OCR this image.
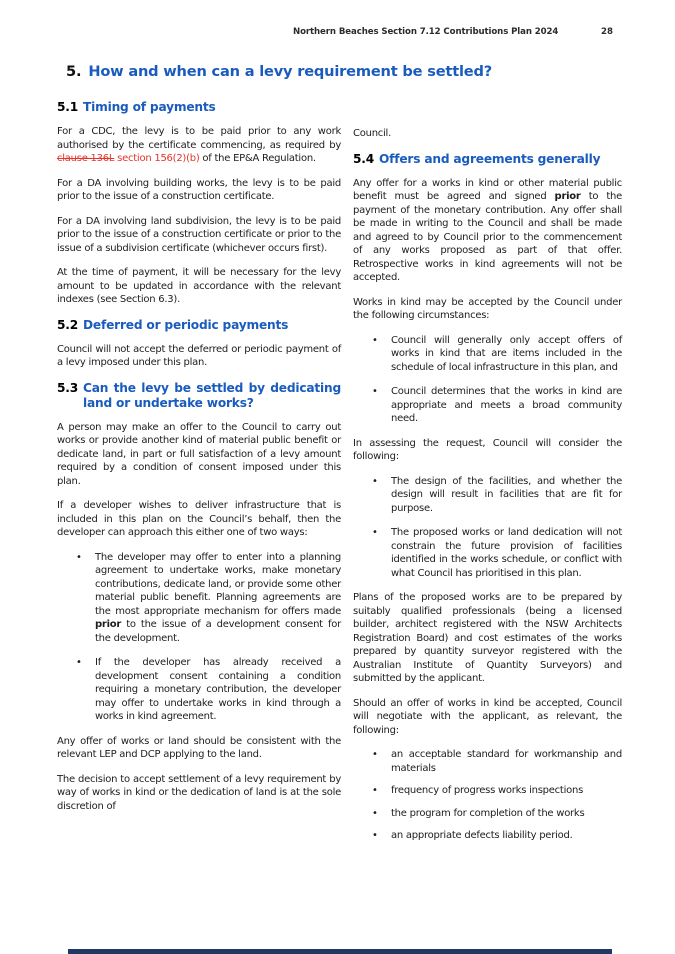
Northern Beaches Section 7.12 Contributions Plan 2024	28
5. How and when can a levy requirement be settled?
5.1 Timing of payments

For a CDC, the levy is to be paid prior to any work authorised by the certificate commencing, as required by clause 136L section 156(2)(b) of the EP&A Regulation.

For a DA involving building works, the levy is to be paid prior to the issue of a construction certificate.

For a DA involving land subdivision, the levy is to be paid prior to the issue of a construction certificate or prior to the issue of a subdivision certificate (whichever occurs first).

At the time of payment, it will be necessary for the levy amount to be updated in accordance with the relevant indexes (see Section 6.3).

5.2 Deferred or periodic payments

Council will not accept the deferred or periodic payment of a levy imposed under this plan.

5.3 Can the levy be settled by dedicating land or undertake works?

A person may make an offer to the Council to carry out works or provide another kind of material public benefit or dedicate land, in part or full satisfaction of a levy amount required by a condition of consent imposed under this plan.

If a developer wishes to deliver infrastructure that is included in this plan on the Council’s behalf, then the developer can approach this either one of two ways:

•	The developer may offer to enter into a planning agreement to undertake works, make monetary contributions, dedicate land, or provide some other material public benefit. Planning agreements are the most appropriate mechanism for offers made prior to the issue of a development consent for the development.
•	If the developer has already received a development consent containing a condition requiring a monetary contribution, the developer may offer to undertake works in kind through a works in kind agreement.

Any offer of works or land should be consistent with the relevant LEP and DCP applying to the land.

The decision to accept settlement of a levy requirement by way of works in kind or the dedication of land is at the sole discretion of

Council.

5.4 Offers and agreements generally

Any offer for a works in kind or other material public benefit must be agreed and signed prior to the payment of the monetary contribution. Any offer shall be made in writing to the Council and shall be made and agreed to by Council prior to the commencement of any works proposed as part of that offer. Retrospective works in kind agreements will not be accepted.

Works in kind may be accepted by the Council under the following circumstances:

•	Council will generally only accept offers of works in kind that are items included in the schedule of local infrastructure in this plan, and
•	Council determines that the works in kind are appropriate and meets a broad community need.

In assessing the request, Council will consider the following:

•	The design of the facilities, and whether the design will result in facilities that are fit for purpose.
•	The proposed works or land dedication will not constrain the future provision of facilities identified in the works schedule, or conflict with what Council has prioritised in this plan.

Plans of the proposed works are to be prepared by suitably qualified professionals (being a licensed builder, architect registered with the NSW Architects Registration Board) and cost estimates of the works prepared by quantity surveyor registered with the Australian Institute of Quantity Surveyors) and submitted by the applicant.

Should an offer of works in kind be accepted, Council will negotiate with the applicant, as relevant, the following:

•	an acceptable standard for workmanship and materials
•	frequency of progress works inspections
•	the program for completion of the works
•	an appropriate defects liability period.
